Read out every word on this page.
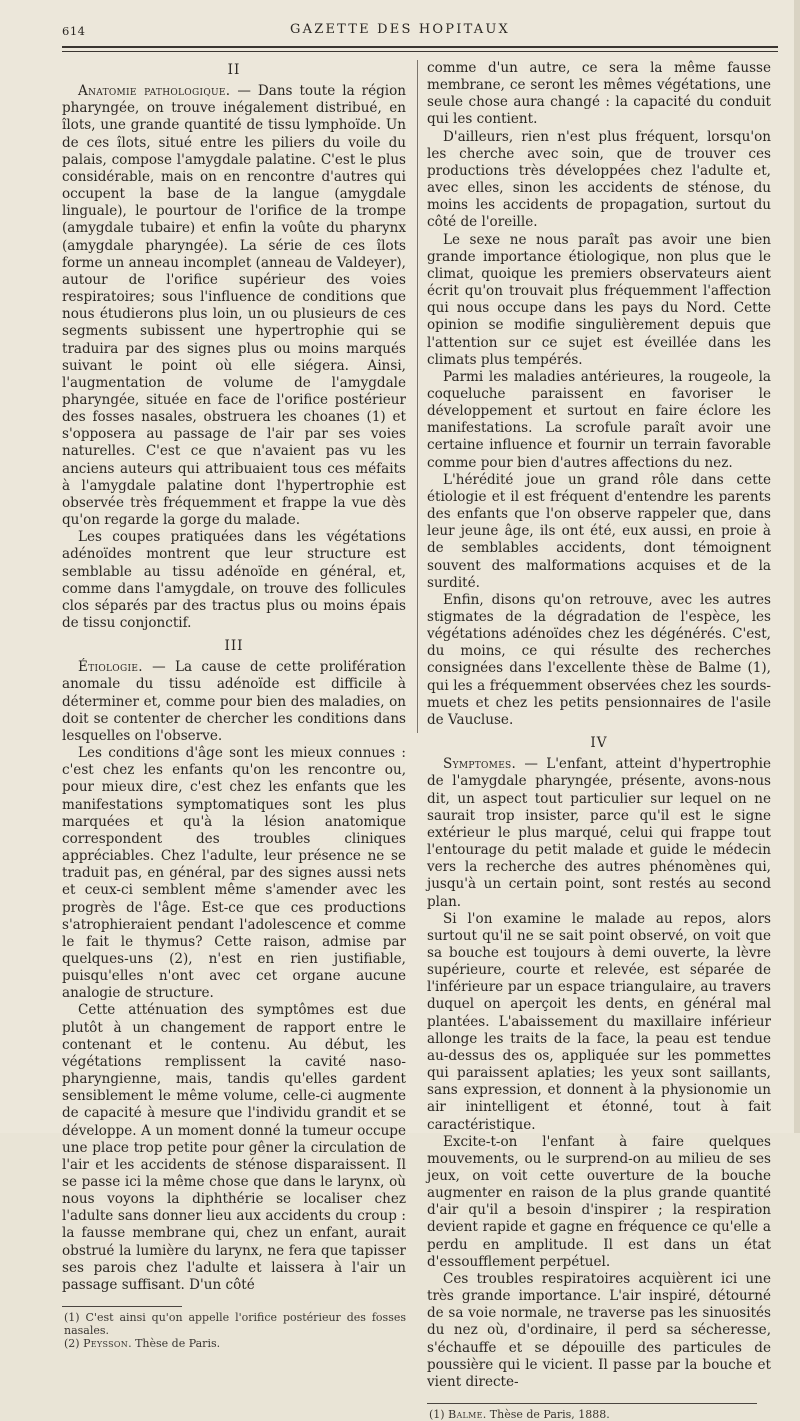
614	GAZETTE DES HOPITAUX
II

Anatomie pathologique. — Dans toute la région pharyngée, on trouve inégalement distribué, en îlots, une grande quantité de tissu lymphoïde. Un de ces îlots, situé entre les piliers du voile du palais, compose l'amygdale palatine. C'est le plus considérable, mais on en rencontre d'autres qui occupent la base de la langue (amygdale linguale), le pourtour de l'orifice de la trompe (amygdale tubaire) et enfin la voûte du pharynx (amygdale pharyngée). La série de ces îlots forme un anneau incomplet (anneau de Valdeyer), autour de l'orifice supérieur des voies respiratoires; sous l'influence de conditions que nous étudierons plus loin, un ou plusieurs de ces segments subissent une hypertrophie qui se traduira par des signes plus ou moins marqués suivant le point où elle siégera. Ainsi, l'augmentation de volume de l'amygdale pharyngée, située en face de l'orifice postérieur des fosses nasales, obstruera les choanes (1) et s'opposera au passage de l'air par ses voies naturelles. C'est ce que n'avaient pas vu les anciens auteurs qui attribuaient tous ces méfaits à l'amygdale palatine dont l'hypertrophie est observée très fréquemment et frappe la vue dès qu'on regarde la gorge du malade.

Les coupes pratiquées dans les végétations adénoïdes montrent que leur structure est semblable au tissu adénoïde en général, et, comme dans l'amygdale, on trouve des follicules clos séparés par des tractus plus ou moins épais de tissu conjonctif.

III

Étiologie. — La cause de cette prolifération anomale du tissu adénoïde est difficile à déterminer et, comme pour bien des maladies, on doit se contenter de chercher les conditions dans lesquelles on l'observe.

Les conditions d'âge sont les mieux connues : c'est chez les enfants qu'on les rencontre ou, pour mieux dire, c'est chez les enfants que les manifestations symptomatiques sont les plus marquées et qu'à la lésion anatomique correspondent des troubles cliniques appréciables. Chez l'adulte, leur présence ne se traduit pas, en général, par des signes aussi nets et ceux-ci semblent même s'amender avec les progrès de l'âge. Est-ce que ces productions s'atrophieraient pendant l'adolescence et comme le fait le thymus? Cette raison, admise par quelques-uns (2), n'est en rien justifiable, puisqu'elles n'ont avec cet organe aucune analogie de structure.

Cette atténuation des symptômes est due plutôt à un changement de rapport entre le contenant et le contenu. Au début, les végétations remplissent la cavité naso-pharyngienne, mais, tandis qu'elles gardent sensiblement le même volume, celle-ci augmente de capacité à mesure que l'individu grandit et se développe. A un moment donné la tumeur occupe une place trop petite pour gêner la circulation de l'air et les accidents de sténose disparaissent. Il se passe ici la même chose que dans le larynx, où nous voyons la diphthérie se localiser chez l'adulte sans donner lieu aux accidents du croup : la fausse membrane qui, chez un enfant, aurait obstrué la lumière du larynx, ne fera que tapisser ses parois chez l'adulte et laissera à l'air un passage suffisant. D'un côté

(1) C'est ainsi qu'on appelle l'orifice postérieur des fosses nasales.
(2) Peysson. Thèse de Paris.

comme d'un autre, ce sera la même fausse membrane, ce seront les mêmes végétations, une seule chose aura changé : la capacité du conduit qui les contient.

D'ailleurs, rien n'est plus fréquent, lorsqu'on les cherche avec soin, que de trouver ces productions très développées chez l'adulte et, avec elles, sinon les accidents de sténose, du moins les accidents de propagation, surtout du côté de l'oreille.

Le sexe ne nous paraît pas avoir une bien grande importance étiologique, non plus que le climat, quoique les premiers observateurs aient écrit qu'on trouvait plus fréquemment l'affection qui nous occupe dans les pays du Nord. Cette opinion se modifie singulièrement depuis que l'attention sur ce sujet est éveillée dans les climats plus tempérés.

Parmi les maladies antérieures, la rougeole, la coqueluche paraissent en favoriser le développement et surtout en faire éclore les manifestations. La scrofule paraît avoir une certaine influence et fournir un terrain favorable comme pour bien d'autres affections du nez.

L'hérédité joue un grand rôle dans cette étiologie et il est fréquent d'entendre les parents des enfants que l'on observe rappeler que, dans leur jeune âge, ils ont été, eux aussi, en proie à de semblables accidents, dont témoignent souvent des malformations acquises et de la surdité.

Enfin, disons qu'on retrouve, avec les autres stigmates de la dégradation de l'espèce, les végétations adénoïdes chez les dégénérés. C'est, du moins, ce qui résulte des recherches consignées dans l'excellente thèse de Balme (1), qui les a fréquemment observées chez les sourds-muets et chez les petits pensionnaires de l'asile de Vaucluse.

IV

Symptomes. — L'enfant, atteint d'hypertrophie de l'amygdale pharyngée, présente, avons-nous dit, un aspect tout particulier sur lequel on ne saurait trop insister, parce qu'il est le signe extérieur le plus marqué, celui qui frappe tout l'entourage du petit malade et guide le médecin vers la recherche des autres phénomènes qui, jusqu'à un certain point, sont restés au second plan.

Si l'on examine le malade au repos, alors surtout qu'il ne se sait point observé, on voit que sa bouche est toujours à demi ouverte, la lèvre supérieure, courte et relevée, est séparée de l'inférieure par un espace triangulaire, au travers duquel on aperçoit les dents, en général mal plantées. L'abaissement du maxillaire inférieur allonge les traits de la face, la peau est tendue au-dessus des os, appliquée sur les pommettes qui paraissent aplaties; les yeux sont saillants, sans expression, et donnent à la physionomie un air inintelligent et étonné, tout à fait caractéristique.

Excite-t-on l'enfant à faire quelques mouvements, ou le surprend-on au milieu de ses jeux, on voit cette ouverture de la bouche augmenter en raison de la plus grande quantité d'air qu'il a besoin d'inspirer ; la respiration devient rapide et gagne en fréquence ce qu'elle a perdu en amplitude. Il est dans un état d'essoufflement perpétuel.

Ces troubles respiratoires acquièrent ici une très grande importance. L'air inspiré, détourné de sa voie normale, ne traverse pas les sinuosités du nez où, d'ordinaire, il perd sa sécheresse, s'échauffe et se dépouille des particules de poussière qui le vicient. Il passe par la bouche et vient directe-

(1) Balme. Thèse de Paris, 1888.
